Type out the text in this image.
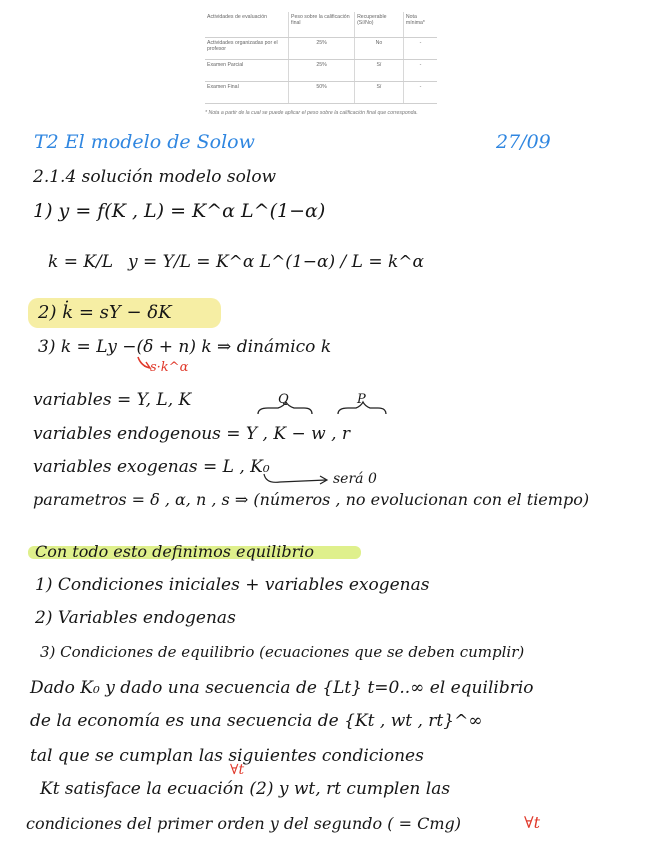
Actividades de evaluación	Peso sobre la calificación final	Recuperable (Sí/No)	Nota mínima*
Actividades organizadas por el profesor	25%	No	-
Examen Parcial	25%	Sí	-
Examen Final	50%	Sí	-
* Nota a partir de la cual se puede aplicar el peso sobre la calificación final que corresponda.
T2 El modelo de Solow	27/09
2.1.4 solución modelo solow
1) y = f(K , L) = K^α L^(1−α)
k = K/L y = Y/L = K^α L^(1−α) / L = k^α
2) k̇ = sY − δK
3) k = Ly −(δ + n) k ⇒ dinámico k
s·k^α
variables = Y, L, K	Q	P
variables endogenous = Y , K − w , r
variables exogenas = L , K₀
será 0
parametros = δ , α, n , s ⇒ (números , no evolucionan con el tiempo)
Con todo esto definimos equilibrio
1) Condiciones iniciales + variables exogenas
2) Variables endogenas
3) Condiciones de equilibrio (ecuaciones que se deben cumplir)
Dado K₀ y dado una secuencia de {Lt} t=0..∞ el equilibrio
de la economía es una secuencia de {Kt , wt , rt}^∞
tal que se cumplan las siguientes condiciones
∀t
Kt satisface la ecuación (2) y wt, rt cumplen las
condiciones del primer orden y del segundo ( = Cmg)	∀t
